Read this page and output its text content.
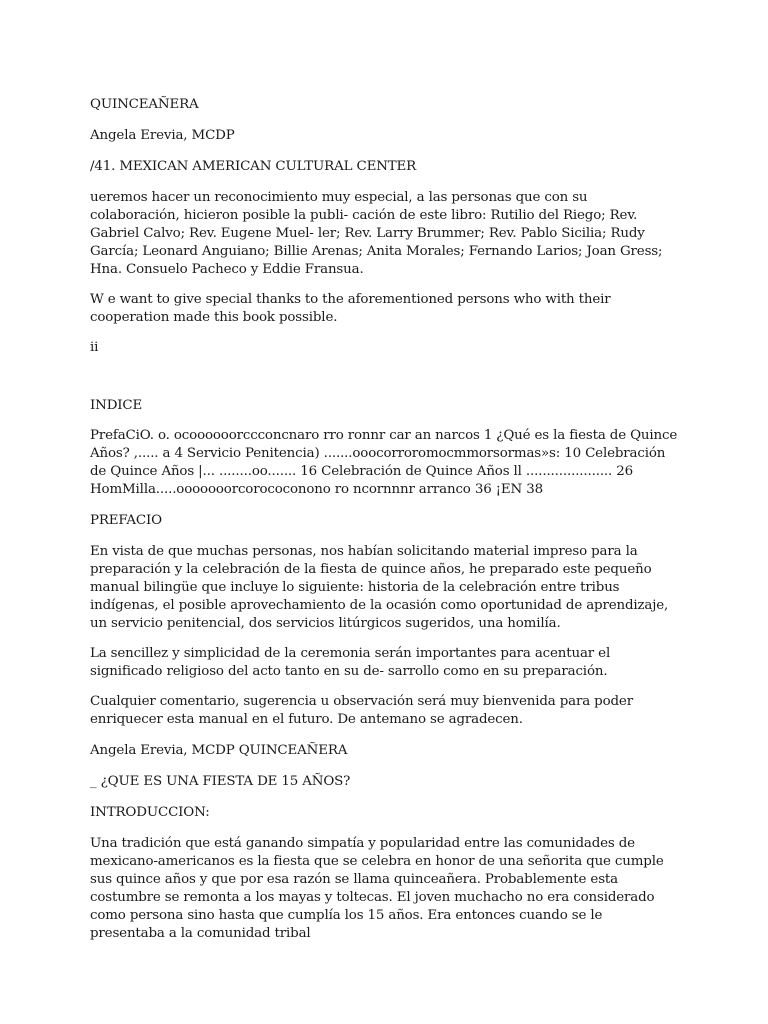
QUINCEAÑERA

Angela Erevia, MCDP

/41. MEXICAN AMERICAN CULTURAL CENTER

ueremos hacer un reconocimiento muy especial, a las personas que con su colaboración, hicieron posible la publi- cación de este libro: Rutilio del Riego; Rev. Gabriel Calvo; Rev. Eugene Muel- ler; Rev. Larry Brummer; Rev. Pablo Sicilia; Rudy García; Leonard Anguiano; Billie Arenas; Anita Morales; Fernando Larios; Joan Gress; Hna. Consuelo Pacheco y Eddie Fransua.

W e want to give special thanks to the aforementioned persons who with their cooperation made this book possible.

ii

INDICE

PrefaCiO. o. ocoooooorccconcnaro rro ronnr car an narcos 1 ¿Qué es la fiesta de Quince Años? ,..... a 4 Servicio Penitencia) .......ooocorroromocmmorsormas»s: 10 Celebración de Quince Años |... ........oo....... 16 Celebración de Quince Años ll ..................... 26 HomMilla.....ooooooorcorococonono ro ncornnnr arranco 36 ¡EN 38

PREFACIO

En vista de que muchas personas, nos habían solicitando material impreso para la preparación y la celebración de la fiesta de quince años, he preparado este pequeño manual bilingüe que incluye lo siguiente: historia de la celebración entre tribus indígenas, el posible aprovechamiento de la ocasión como oportunidad de aprendizaje, un servicio penitencial, dos servicios litúrgicos sugeridos, una homilía.

La sencillez y simplicidad de la ceremonia serán importantes para acentuar el significado religioso del acto tanto en su de- sarrollo como en su preparación.

Cualquier comentario, sugerencia u observación será muy bienvenida para poder enriquecer esta manual en el futuro. De antemano se agradecen.

Angela Erevia, MCDP QUINCEAÑERA

_ ¿QUE ES UNA FIESTA DE 15 AÑOS?

INTRODUCCION:

Una tradición que está ganando simpatía y popularidad entre las comunidades de mexicano-americanos es la fiesta que se celebra en honor de una señorita que cumple sus quince años y que por esa razón se llama quinceañera. Probablemente esta costumbre se remonta a los mayas y toltecas. El joven muchacho no era considerado como persona sino hasta que cumplía los 15 años. Era entonces cuando se le presentaba a la comunidad tribal
